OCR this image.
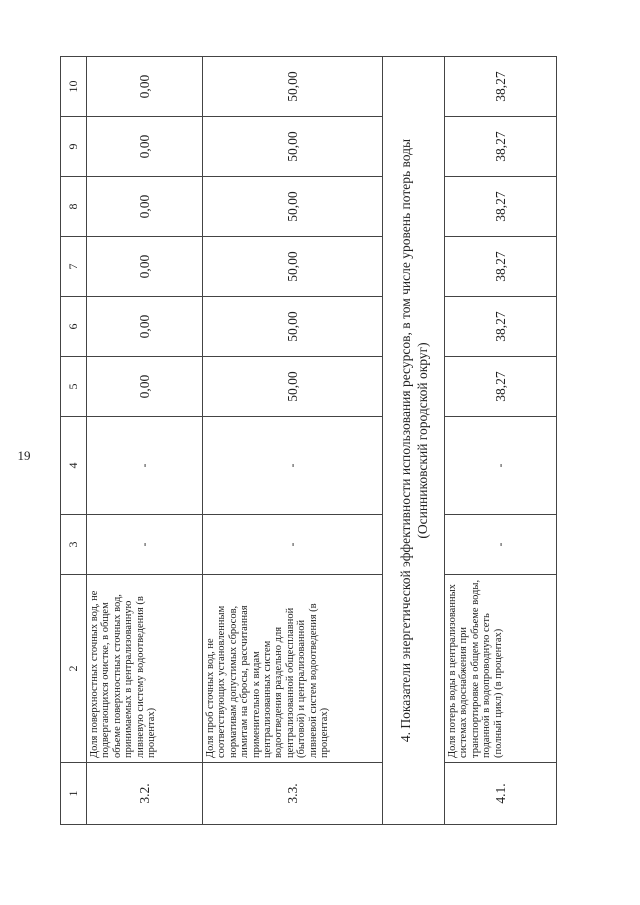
19
1	2	3	4	5	6	7	8	9	10
3.2.	Доля поверхностных сточных вод, не подвергающихся очистке, в общем объеме поверхностных сточных вод, принимаемых в централизованную ливневую систему водоотведения (в процентах)	-	-	0,00	0,00	0,00	0,00	0,00	0,00
3.3.	Доля проб сточных вод, не соответствующих установленным нормативам допустимых сбросов, лимитам на сбросы, рассчитанная применительно к видам централизованных систем водоотведения раздельно для централизованной общесплавной (бытовой) и централизованной ливневой систем водоотведения (в процентах)	-	-	50,00	50,00	50,00	50,00	50,00	50,00

4. Показатели энергетической эффективности использования ресурсов, в том числе уровень потерь воды (Осинниковский городской округ)									

4.1.	Доля потерь воды в централизованных системах водоснабжения при транспортировке в общем объеме воды, поданной в водопроводную сеть (полный цикл) (в процентах)	-	-	38,27	38,27	38,27	38,27	38,27	38,27
